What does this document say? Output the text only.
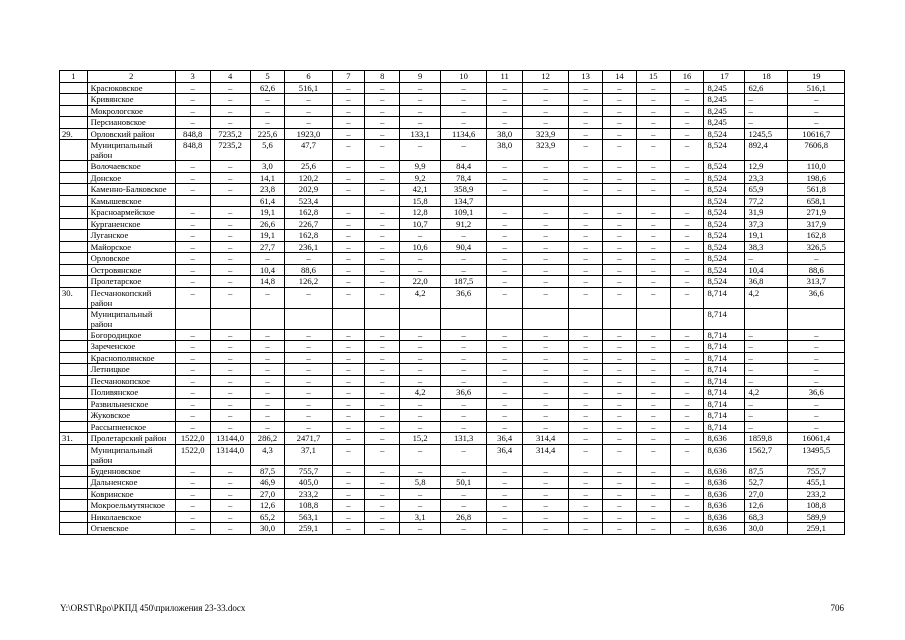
1	2	3	4	5	6	7	8	9	10	11	12	13	14	15	16	17	18	19
	Красюковское	–	–	62,6	516,1	–	–	–	–	–	–	–	–	–	–	8,245	62,6	516,1
	Кривянское	–	–	–	–	–	–	–	–	–	–	–	–	–	–	8,245	–	–
	Мокрологское	–	–	–	–	–	–	–	–	–	–	–	–	–	–	8,245	–	–
	Персиановское	–	–	–	–	–	–	–	–	–	–	–	–	–	–	8,245	–	–
29.	Орловский район	848,8	7235,2	225,6	1923,0	–	–	133,1	1134,6	38,0	323,9	–	–	–	–	8,524	1245,5	10616,7
	Муниципальный район	848,8	7235,2	5,6	47,7	–	–	–	–	38,0	323,9	–	–	–	–	8,524	892,4	7606,8
	Волочаевское	–	–	3,0	25,6	–	–	9,9	84,4	–	–	–	–	–	–	8,524	12,9	110,0
	Донское	–	–	14,1	120,2	–	–	9,2	78,4	–	–	–	–	–	–	8,524	23,3	198,6
	Каменно-Балковское	–	–	23,8	202,9	–	–	42,1	358,9	–	–	–	–	–	–	8,524	65,9	561,8
	Камышевское			61,4	523,4			15,8	134,7							8,524	77,2	658,1
	Красноармейское	–	–	19,1	162,8	–	–	12,8	109,1	–	–	–	–	–	–	8,524	31,9	271,9
	Курганенское	–	–	26,6	226,7	–	–	10,7	91,2	–	–	–	–	–	–	8,524	37,3	317,9
	Луганское	–	–	19,1	162,8	–	–	–	–	–	–	–	–	–	–	8,524	19,1	162,8
	Майорское	–	–	27,7	236,1	–	–	10,6	90,4	–	–	–	–	–	–	8,524	38,3	326,5
	Орловское	–	–	–	–	–	–	–	–	–	–	–	–	–	–	8,524	–	–
	Островянское	–	–	10,4	88,6	–	–	–	–	–	–	–	–	–	–	8,524	10,4	88,6
	Пролетарское	–	–	14,8	126,2	–	–	22,0	187,5	–	–	–	–	–	–	8,524	36,8	313,7
30.	Песчанокопский район	–	–	–	–	–	–	4,2	36,6	–	–	–	–	–	–	8,714	4,2	36,6
	Муниципальный район															8,714		
	Богородицкое	–	–	–	–	–	–	–	–	–	–	–	–	–	–	8,714	–	–
	Зареченское	–	–	–	–	–	–	–	–	–	–	–	–	–	–	8,714	–	–
	Краснополянское	–	–	–	–	–	–	–	–	–	–	–	–	–	–	8,714	–	–
	Летницкое	–	–	–	–	–	–	–	–	–	–	–	–	–	–	8,714	–	–
	Песчанокопское	–	–	–	–	–	–	–	–	–	–	–	–	–	–	8,714	–	–
	Поливянское	–	–	–	–	–	–	4,2	36,6	–	–	–	–	–	–	8,714	4,2	36,6
	Развильненское	–	–	–	–	–	–	–	–	–	–	–	–	–	–	8,714	–	–
	Жуковское	–	–	–	–	–	–	–	–	–	–	–	–	–	–	8,714	–	–
	Рассыпненское	–	–	–	–	–	–	–	–	–	–	–	–	–	–	8,714	–	–
31.	Пролетарский район	1522,0	13144,0	286,2	2471,7	–	–	15,2	131,3	36,4	314,4	–	–	–	–	8,636	1859,8	16061,4
	Муниципальный район	1522,0	13144,0	4,3	37,1	–	–	–	–	36,4	314,4	–	–	–	–	8,636	1562,7	13495,5
	Буденновское	–	–	87,5	755,7	–	–	–	–	–	–	–	–	–	–	8,636	87,5	755,7
	Дальненское	–	–	46,9	405,0	–	–	5,8	50,1	–	–	–	–	–	–	8,636	52,7	455,1
	Ковринское	–	–	27,0	233,2	–	–	–	–	–	–	–	–	–	–	8,636	27,0	233,2
	Мокроельмутянское	–	–	12,6	108,8	–	–	–	–	–	–	–	–	–	–	8,636	12,6	108,8
	Николаевское	–	–	65,2	563,1	–	–	3,1	26,8	–	–	–	–	–	–	8,636	68,3	589,9
	Огневское	–	–	30,0	259,1	–	–	–	–	–	–	–	–	–	–	8,636	30,0	259,1
Y:\ORST\Rpo\РКПД 450\приложения 23-33.docx	706
